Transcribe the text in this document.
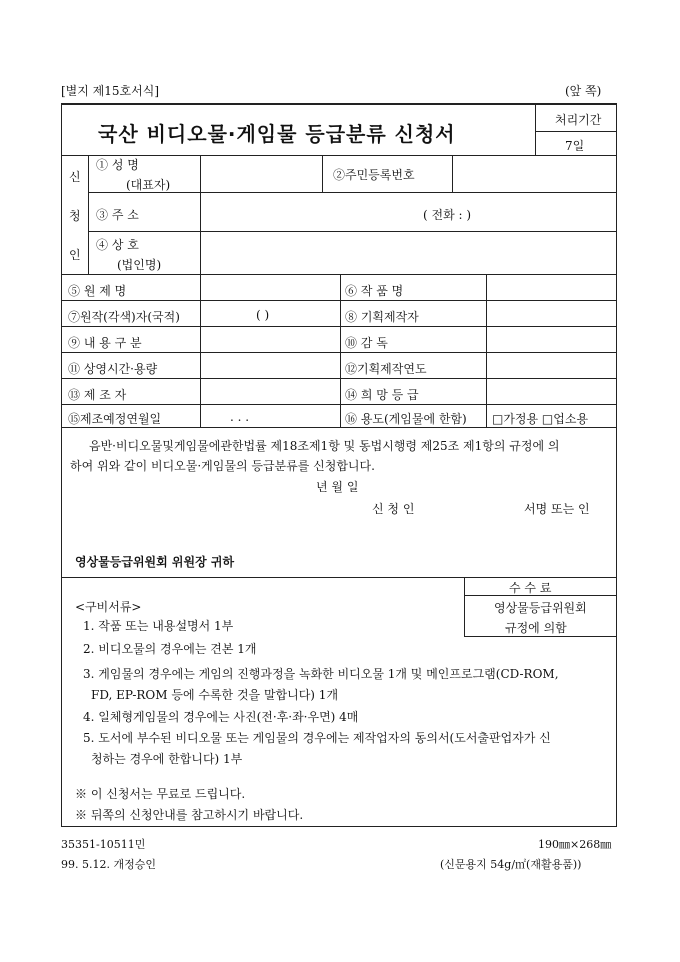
[별지 제15호서식]	(앞 쪽)
국산 비디오물·게임물 등급분류 신청서
처리기간
7일
신
청
인
① 성 명
(대표자)
②주민등록번호
③ 주 소	( 전화 : )
④ 상 호
(법인명)
⑤ 원 제 명	⑥ 작 품 명
⑦원작(각색)자(국적)	( )	⑧ 기획제작자
⑨ 내 용 구 분	⑩ 감 독
⑪ 상영시간·용량	⑫기획제작연도
⑬ 제 조 자	⑭ 희 망 등 급
⑮제조예정연월일	. . .	⑯ 용도(게임물에 한함) □가정용 □업소용
음반·비디오물및게임물에관한법률 제18조제1항 및 동법시행령 제25조 제1항의 규정에 의
하여 위와 같이 비디오물·게임물의 등급분류를 신청합니다.
년 월 일
신 청 인	서명 또는 인
영상물등급위원회 위원장 귀하
수 수 료
영상물등급위원회
규정에 의함
<구비서류>
1. 작품 또는 내용설명서 1부
2. 비디오물의 경우에는 견본 1개
3. 게임물의 경우에는 게임의 진행과정을 녹화한 비디오물 1개 및 메인프로그램(CD-ROM,
FD, EP-ROM 등에 수록한 것을 말합니다) 1개
4. 일체형게임물의 경우에는 사진(전·후·좌·우면) 4매
5. 도서에 부수된 비디오물 또는 게임물의 경우에는 제작업자의 동의서(도서출판업자가 신
청하는 경우에 한합니다) 1부
※ 이 신청서는 무료로 드립니다.
※ 뒤쪽의 신청안내를 참고하시기 바랍니다.
35351-10511민
99. 5.12. 개정승인
190㎜×268㎜
(신문용지 54g/㎡(재활용품))
